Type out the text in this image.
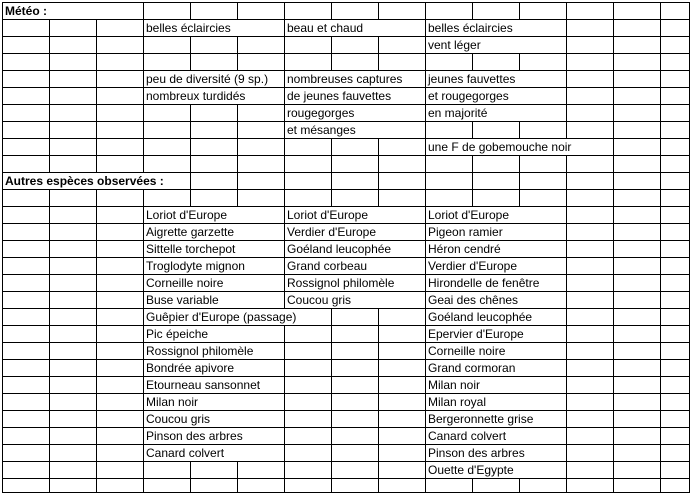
Météo :
belles éclaircies	beau et chaud	belles éclaircies
vent léger
peu de diversité (9 sp.)
nombreux turdidés
nombreuses captures
de jeunes fauvettes
rougegorges
et mésanges
jeunes fauvettes
et rougegorges
en majorité
une F de gobemouche noir
Autres espèces observées :
Loriot d'Europe
Aigrette garzette
Sittelle torchepot
Troglodyte mignon
Corneille noire
Buse variable
Guêpier d'Europe (passage)
Pic épeiche
Rossignol philomèle
Bondrée apivore
Etourneau sansonnet
Milan noir
Coucou gris
Pinson des arbres
Canard colvert
Loriot d'Europe
Verdier d'Europe
Goéland leucophée
Grand corbeau
Rossignol philomèle
Coucou gris
Loriot d'Europe
Pigeon ramier
Héron cendré
Verdier d'Europe
Hirondelle de fenêtre
Geai des chênes
Goéland leucophée
Epervier d'Europe
Corneille noire
Grand cormoran
Milan noir
Milan royal
Bergeronnette grise
Canard colvert
Pinson des arbres
Ouette d'Egypte
